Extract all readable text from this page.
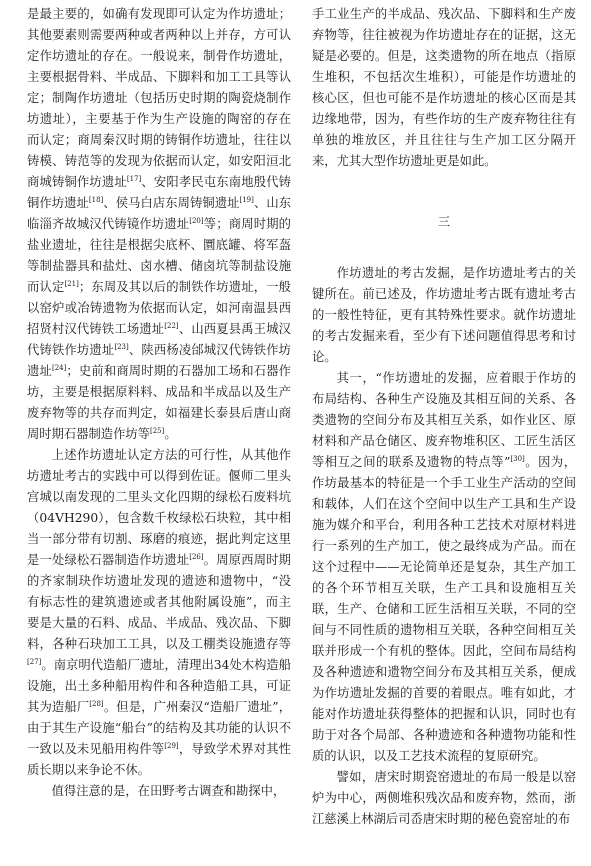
是最主要的，如确有发现即可认定为作坊遗址；其他要素则需要两种或者两种以上并存，方可认定作坊遗址的存在。一般说来，制骨作坊遗址，主要根据骨料、半成品、下脚料和加工工具等认定；制陶作坊遗址（包括历史时期的陶瓷烧制作坊遗址），主要基于作为生产设施的陶窑的存在而认定；商周秦汉时期的铸铜作坊遗址，往往以铸模、铸范等的发现为依据而认定，如安阳洹北商城铸铜作坊遗址[17]、安阳孝民屯东南地殷代铸铜作坊遗址[18]、侯马白店东周铸铜遗址[19]、山东临淄齐故城汉代铸镜作坊遗址[20]等；商周时期的盐业遗址，往往是根据尖底杯、圜底罐、将军盔等制盐器具和盐灶、卤水槽、储卤坑等制盐设施而认定[21]；东周及其以后的制铁作坊遗址，一般以窑炉或冶铸遗物为依据而认定，如河南温县西招贤村汉代铸铁工场遗址[22]、山西夏县禹王城汉代铸铁作坊遗址[23]、陕西杨凌邰城汉代铸铁作坊遗址[24]；史前和商周时期的石器加工场和石器作坊，主要是根据原料料、成品和半成品以及生产废弃物等的共存而判定，如福建长泰县后唐山商周时期石器制造作坊等[25]。

上述作坊遗址认定方法的可行性，从其他作坊遗址考古的实践中可以得到佐证。偃师二里头宫城以南发现的二里头文化四期的绿松石废料坑（04VH290），包含数千枚绿松石块粒，其中相当一部分带有切割、琢磨的痕迹，据此判定这里是一处绿松石器制造作坊遗址[26]。周原西周时期的齐家制玦作坊遗址发现的遗迹和遗物中，“没有标志性的建筑遗迹或者其他附属设施”，而主要是大量的石料、成品、半成品、残次品、下脚料，各种石玦加工工具，以及工棚类设施遗存等[27]。南京明代造船厂遗址，清理出34处木构造船设施，出土多种船用构件和各种造船工具，可证其为造船厂[28]。但是，广州秦汉“造船厂遗址”，由于其生产设施“船台”的结构及其功能的认识不一致以及未见船用构件等[29]，导致学术界对其性质长期以来争论不休。

值得注意的是，在田野考古调查和勘探中，

手工业生产的半成品、残次品、下脚料和生产废弃物等，往往被视为作坊遗址存在的证据，这无疑是必要的。但是，这类遗物的所在地点（指原生堆积，不包括次生堆积），可能是作坊遗址的核心区，但也可能不是作坊遗址的核心区而是其边缘地带，因为，有些作坊的生产废弃物往往有单独的堆放区，并且往往与生产加工区分隔开来，尤其大型作坊遗址更是如此。

三

作坊遗址的考古发掘，是作坊遗址考古的关键所在。前已述及，作坊遗址考古既有遗址考古的一般性特征，更有其特殊性要求。就作坊遗址的考古发掘来看，至少有下述问题值得思考和讨论。

其一，“作坊遗址的发掘，应着眼于作坊的布局结构、各种生产设施及其相互间的关系、各类遗物的空间分布及其相互关系，如作业区、原材料和产品仓储区、废弃物堆积区、工匠生活区等相互之间的联系及遗物的特点等”[30]。因为，作坊最基本的特征是一个手工业生产活动的空间和载体，人们在这个空间中以生产工具和生产设施为媒介和平台，利用各种工艺技术对原材料进行一系列的生产加工，使之最终成为产品。而在这个过程中——无论简单还是复杂，其生产加工的各个环节相互关联，生产工具和设施相互关联，生产、仓储和工匠生活相互关联，不同的空间与不同性质的遗物相互关联，各种空间相互关联并形成一个有机的整体。因此，空间布局结构及各种遗迹和遗物空间分布及其相互关系，便成为作坊遗址发掘的首要的着眼点。唯有如此，才能对作坊遗址获得整体的把握和认识，同时也有助于对各个局部、各种遗迹和各种遗物功能和性质的认识，以及工艺技术流程的复原研究。

譬如，唐宋时期瓷窑遗址的布局一般是以窑炉为中心，两侧堆积残次品和废弃物，然而，浙江慈溪上林湖后司岙唐宋时期的秘色瓷窑址的布
